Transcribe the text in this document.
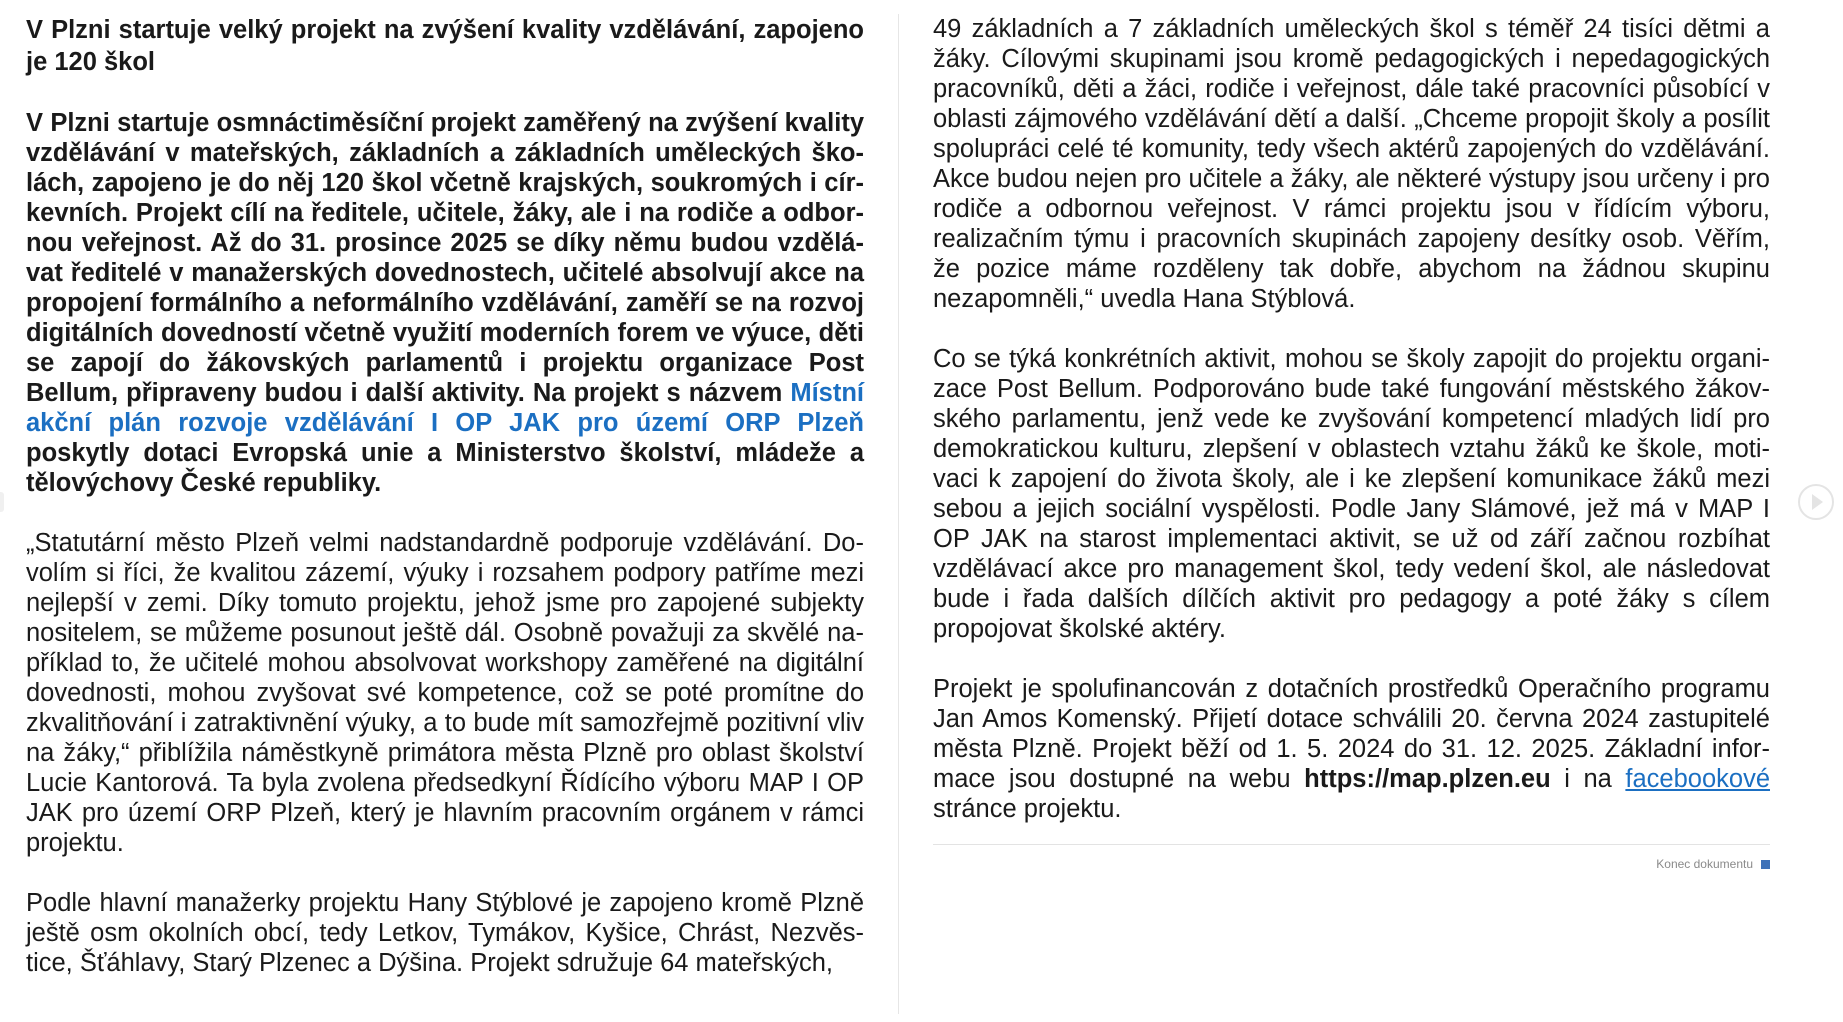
V Plzni startuje velký projekt na zvýšení kvality vzdělávání, zapojeno je 120 škol

V Plzni startuje osmnáctiměsíční projekt zaměřený na zvýšení kvality vzdělávání v mateřských, základních a základních uměleckých školách, zapojeno je do něj 120 škol včetně krajských, soukromých i církevních. Projekt cílí na ředitele, učitele, žáky, ale i na rodiče a odbornou veřejnost. Až do 31. prosince 2025 se díky němu budou vzdělávat ředitelé v manažerských dovednostech, učitelé absolvují akce na propojení formálního a neformálního vzdělávání, zaměří se na rozvoj digitálních dovedností včetně využití moderních forem ve výuce, děti se zapojí do žákovských parlamentů i projektu organizace Post Bellum, připraveny budou i další aktivity. Na projekt s názvem Místní akční plán rozvoje vzdělávání I OP JAK pro území ORP Plzeň poskytly dotaci Evropská unie a Ministerstvo školství, mládeže a tělovýchovy České republiky.

„Statutární město Plzeň velmi nadstandardně podporuje vzdělávání. Dovolím si říci, že kvalitou zázemí, výuky i rozsahem podpory patříme mezi nejlepší v zemi. Díky tomuto projektu, jehož jsme pro zapojené subjekty nositelem, se můžeme posunout ještě dál. Osobně považuji za skvělé například to, že učitelé mohou absolvovat workshopy zaměřené na digitální dovednosti, mohou zvyšovat své kompetence, což se poté promítne do zkvalitňování i zatraktivnění výuky, a to bude mít samozřejmě pozitivní vliv na žáky,“ přiblížila náměstkyně primátora města Plzně pro oblast školství Lucie Kantorová. Ta byla zvolena předsedkyní Řídícího výboru MAP I OP JAK pro území ORP Plzeň, který je hlavním pracovním orgánem v rámci projektu.

Podle hlavní manažerky projektu Hany Stýblové je zapojeno kromě Plzně ještě osm okolních obcí, tedy Letkov, Tymákov, Kyšice, Chrást, Nezvěstice, Šťáhlavy, Starý Plzenec a Dýšina. Projekt sdružuje 64 mateřských,

49 základních a 7 základních uměleckých škol s téměř 24 tisíci dětmi a žáky. Cílovými skupinami jsou kromě pedagogických i nepedagogických pracovníků, děti a žáci, rodiče i veřejnost, dále také pracovníci působící v oblasti zájmového vzdělávání dětí a další. „Chceme propojit školy a posílit spolupráci celé té komunity, tedy všech aktérů zapojených do vzdělávání. Akce budou nejen pro učitele a žáky, ale některé výstupy jsou určeny i pro rodiče a odbornou veřejnost. V rámci projektu jsou v řídícím výboru, realizačním týmu i pracovních skupinách zapojeny desítky osob. Věřím, že pozice máme rozděleny tak dobře, abychom na žádnou skupinu nezapomněli,“ uvedla Hana Stýblová.

Co se týká konkrétních aktivit, mohou se školy zapojit do projektu organizace Post Bellum. Podporováno bude také fungování městského žákovského parlamentu, jenž vede ke zvyšování kompetencí mladých lidí pro demokratickou kulturu, zlepšení v oblastech vztahu žáků ke škole, motivaci k zapojení do života školy, ale i ke zlepšení komunikace žáků mezi sebou a jejich sociální vyspělosti. Podle Jany Slámové, jež má v MAP I OP JAK na starost implementaci aktivit, se už od září začnou rozbíhat vzdělávací akce pro management škol, tedy vedení škol, ale následovat bude i řada dalších dílčích aktivit pro pedagogy a poté žáky s cílem propojovat školské aktéry.

Projekt je spolufinancován z dotačních prostředků Operačního programu Jan Amos Komenský. Přijetí dotace schválili 20. června 2024 zastupitelé města Plzně. Projekt běží od 1. 5. 2024 do 31. 12. 2025. Základní informace jsou dostupné na webu https://map.plzen.eu i na facebookové stránce projektu.

Konec dokumentu
